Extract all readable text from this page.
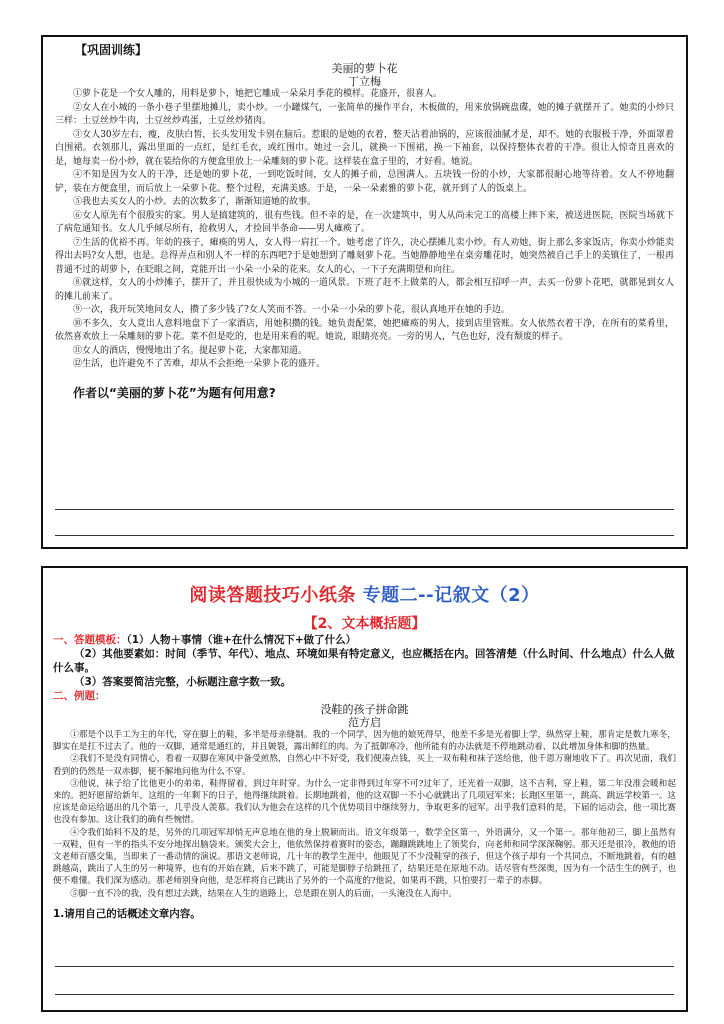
【巩固训练】

美丽的萝卜花

丁立梅

①萝卜花是一个女人雕的，用料是萝卜，她把它雕成一朵朵月季花的模样。花盛开，很喜人。

②女人在小城的一条小巷子里摆地摊儿，卖小炒。一小罐煤气，一张简单的操作平台，木板做的，用来放锅碗盘碟，她的摊子就摆开了。她卖的小炒只三样：土豆丝炒牛肉，土豆丝炒鸡蛋，土豆丝炒猪肉。

③女人30岁左右，瘦，皮肤白皙，长头发用发卡别在脑后。惹眼的是她的衣着，整天沾着油锅的，应该很油腻才是，却不。她的衣服极干净，外面罩着白围裙。衣领那儿，露出里面的一点红，是红毛衣，或红围巾。她过一会儿，就换一下围裙，换一下袖套，以保持整体衣着的干净。很让人惊奇且喜欢的是，她每卖一份小炒，就在装给你的方便盒里放上一朵雕刻的萝卜花。这样装在盒子里的，才好看。她说。

④不知是因为女人的干净，还是她的萝卜花，一到吃饭时间，女人的摊子前，总围满人。五块钱一份的小炒，大家都很耐心地等待着。女人不停地翻铲，装在方便盒里，而后放上一朵萝卜花。整个过程，充满美感。于是，一朵一朵素雅的萝卜花，就开到了人的饭桌上。

⑤我也去买女人的小炒。去的次数多了，渐渐知道她的故事。

⑥女人原先有个很殷实的家。男人是搞建筑的，很有些钱。但不幸的是，在一次建筑中，男人从尚未完工的高楼上摔下来，被送进医院，医院当场就下了病危通知书。女人几乎倾尽所有，抢救男人，才捡回半条命——男人瘫痪了。

⑦生活的优裕不再。年幼的孩子，瘫痪的男人，女人得一肩扛一个。她考虑了许久，决心摆摊儿卖小炒。有人劝她，街上那么多家饭店，你卖小炒能卖得出去吗?女人想，也是。总得弄点和别人不一样的东西吧?于是她想到了雕刻萝卜花。当她静静地坐在桌旁雕花时，她突然被自己手上的美镇住了，一根再普通不过的胡萝卜，在眨眼之间，竟能开出一小朵一小朵的花来。女人的心，一下子充满期望和向往。

⑧就这样，女人的小炒摊子，摆开了，并且很快成为小城的一道风景。下班了赶不上做菜的人，都会相互招呼一声，去买一份萝卜花吧，就都晃到女人的摊儿前来了。

⑨一次，我开玩笑地问女人，攒了多少钱了?女人笑而不答。一小朵一小朵的萝卜花，很认真地开在她的手边。

⑩不多久，女人竟出人意料地盘下了一家酒店，用她积攒的钱。她负责配菜，她把瘫痪的男人，接到店里管账。女人依然衣着干净，在所有的菜肴里，依然喜欢放上一朵雕刻的萝卜花。菜不但是吃的，也是用来看的呢。她说，眼睛亮亮。一旁的男人，气色也好，没有颓废的样子。

⑪女人的酒店，慢慢地出了名。提起萝卜花，大家都知道。

⑫生活，也许避免不了苦难，却从不会拒绝一朵萝卜花的盛开。

作者以“美丽的萝卜花”为题有何用意?
阅读答题技巧小纸条 专题二--记叙文（2）
【2、文本概括题】

一、答题模板：（1）人物＋事情（谁+在什么情况下+做了什么）

（2）其他要素如：时间（季节、年代）、地点、环境如果有特定意义，也应概括在内。回答清楚（什么时间、什么地点）什么人做什么事。

（3）答案要简洁完整，小标题注意字数一致。

二、例题：

没鞋的孩子拼命跳

范方启

①那是个以手工为主的年代，穿在脚上的鞋，多半是母亲缝制。我的一个同学，因为他的娘死得早，他差不多是光着脚上学，纵然穿上鞋，那肯定是数九寒冬，脚实在是扛不过去了。他的一双脚，通常是通红的，并且皴裂，露出鲜红的肉。为了抵御寒冷，他所能有的办法就是不停地跳动着，以此增加身体和脚的热量。

②我们不是没有同情心，看着一双脚在寒风中备受煎熬，自然心中不好受，我们便凑点钱，买上一双布鞋和袜子送给他，他千恩万谢地收下了。再次见面，我们看到的仍然是一双赤脚，便不解地问他为什么不穿。

③他说，袜子给了比他更小的弟弟，鞋得留着，到过年时穿。为什么一定非得到过年穿不可?过年了，还光着一双脚，这不吉利，穿上鞋，第二年没准会暖和起来的。把好愿留给新年，这组的一年剩下的日子，他得继续跳着。长期地跳着，他的这双脚一不小心就跳出了几项冠军来；长跑区里第一，跳高、跳远学校第一。这应该是命运给逼出的几个第一，几乎没人羡慕。我们认为他会在这样的几个优势项目中继续努力，争取更多的冠军。出乎我们意料的是，下届的运动会，他一项比赛也没有参加。这让我们的确有些惋惜。

④令我们始料不及的是，另外的几项冠军却悄无声息地在他的身上脱颖而出。语文年级第一，数学全区第一，外语满分，又一个第一。那年他初三，脚上虽然有一双鞋，但有一半的指头不安分地探出脑袋来。颁奖大会上，他依然保持着赛时的姿态，蹦蹦跳跳地上了领奖台，向老师和同学深深鞠躬。那天还是很冷，教他的语文老师百感交集，当即来了一番动情的演说。那语文老师说，几十年的教学生涯中，他眼见了不少没鞋穿的孩子，但这个孩子却有一个共同点，不断地跳着，有的越跳越高，跳出了人生的另一种境界，也有的开始在跳，后来不跳了，可能是脚脖子给跳扭了，结果还是在原地不动。话尽管有些深奥，因为有一个活生生的例子，也便不难懂。我们深为感动。那老师别身向他，是怎样将自己跳出了另外的一个高度的?他说，如果再不跳，只怕要打一辈子的赤脚。

⑤脚一直不冷的我，没有想过去跳，结果在人生的道路上，总是跟在别人的后面，一头淹没在人海中。

1.请用自己的话概述文章内容。
